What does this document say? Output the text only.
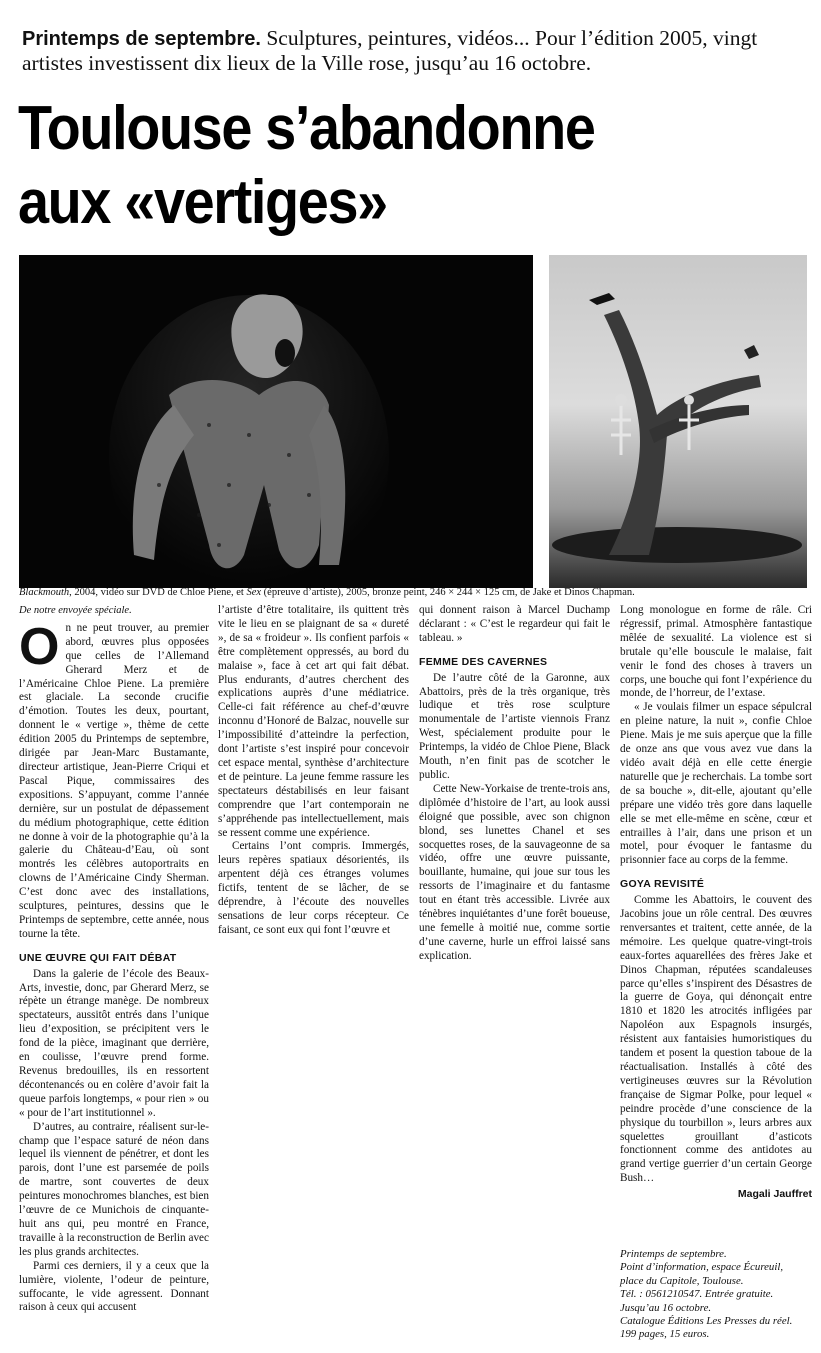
Printemps de septembre. Sculptures, peintures, vidéos... Pour l’édition 2005, vingt artistes investissent dix lieux de la Ville rose, jusqu’au 16 octobre.
Toulouse s’abandonne
aux «vertiges»
Blackmouth, 2004, vidéo sur DVD de Chloe Piene, et Sex (épreuve d’artiste), 2005, bronze peint, 246 × 244 × 125 cm, de Jake et Dinos Chapman.
De notre envoyée spéciale.

On ne peut trouver, au premier abord, œuvres plus opposées que celles de l’Allemand Gherard Merz et de l’Américaine Chloe Piene. La première est glaciale. La seconde crucifie d’émotion. Toutes les deux, pourtant, donnent le « vertige », thème de cette édition 2005 du Printemps de septembre, dirigée par Jean-Marc Bustamante, directeur artistique, Jean-Pierre Criqui et Pascal Pique, commissaires des expositions. S’appuyant, comme l’année dernière, sur un postulat de dépassement du médium photographique, cette édition ne donne à voir de la photographie qu’à la galerie du Château-d’Eau, où sont montrés les célèbres autoportraits en clowns de l’Américaine Cindy Sherman. C’est donc avec des installations, sculptures, peintures, dessins que le Printemps de septembre, cette année, nous tourne la tête.

UNE ŒUVRE QUI FAIT DÉBAT

Dans la galerie de l’école des Beaux-Arts, investie, donc, par Gherard Merz, se répète un étrange manège. De nombreux spectateurs, aussitôt entrés dans l’unique lieu d’exposition, se précipitent vers le fond de la pièce, imaginant que derrière, en coulisse, l’œuvre prend forme. Revenus bredouilles, ils en ressortent décontenancés ou en colère d’avoir fait la queue parfois longtemps, « pour rien » ou « pour de l’art institutionnel ».

D’autres, au contraire, réalisent sur-le-champ que l’espace saturé de néon dans lequel ils viennent de pénétrer, et dont les parois, dont l’une est parsemée de poils de martre, sont couvertes de deux peintures monochromes blanches, est bien l’œuvre de ce Munichois de cinquante-huit ans qui, peu montré en France, travaille à la reconstruction de Berlin avec les plus grands architectes.

Parmi ces derniers, il y a ceux que la lumière, violente, l’odeur de peinture, suffocante, le vide agressent. Donnant raison à ceux qui accusent

l’artiste d’être totalitaire, ils quittent très vite le lieu en se plaignant de sa « dureté », de sa « froideur ». Ils confient parfois « être complètement oppressés, au bord du malaise », face à cet art qui fait débat. Plus endurants, d’autres cherchent des explications auprès d’une médiatrice. Celle-ci fait référence au chef-d’œuvre inconnu d’Honoré de Balzac, nouvelle sur l’impossibilité d’atteindre la perfection, dont l’artiste s’est inspiré pour concevoir cet espace mental, synthèse d’architecture et de peinture. La jeune femme rassure les spectateurs déstabilisés en leur faisant comprendre que l’art contemporain ne s’appréhende pas intellectuellement, mais se ressent comme une expérience.

Certains l’ont compris. Immergés, leurs repères spatiaux désorientés, ils arpentent déjà ces étranges volumes fictifs, tentent de se lâcher, de se déprendre, à l’écoute des nouvelles sensations de leur corps récepteur. Ce faisant, ce sont eux qui font l’œuvre et

qui donnent raison à Marcel Duchamp déclarant : « C’est le regardeur qui fait le tableau. »

FEMME DES CAVERNES

De l’autre côté de la Garonne, aux Abattoirs, près de la très organique, très ludique et très rose sculpture monumentale de l’artiste viennois Franz West, spécialement produite pour le Printemps, la vidéo de Chloe Piene, Black Mouth, n’en finit pas de scotcher le public.

Cette New-Yorkaise de trente-trois ans, diplômée d’histoire de l’art, au look aussi éloigné que possible, avec son chignon blond, ses lunettes Chanel et ses socquettes roses, de la sauvageonne de sa vidéo, offre une œuvre puissante, bouillante, humaine, qui joue sur tous les ressorts de l’imaginaire et du fantasme tout en étant très accessible. Livrée aux ténèbres inquiétantes d’une forêt boueuse, une femelle à moitié nue, comme sortie d’une caverne, hurle un effroi laissé sans explication.

Long monologue en forme de râle. Cri régressif, primal. Atmosphère fantastique mêlée de sexualité. La violence est si brutale qu’elle bouscule le malaise, fait venir le fond des choses à travers un corps, une bouche qui font l’expérience du monde, de l’horreur, de l’extase.

« Je voulais filmer un espace sépulcral en pleine nature, la nuit », confie Chloe Piene. Mais je me suis aperçue que la fille de onze ans que vous avez vue dans la vidéo avait déjà en elle cette énergie naturelle que je recherchais. La tombe sort de sa bouche », dit-elle, ajoutant qu’elle prépare une vidéo très gore dans laquelle elle se met elle-même en scène, cœur et entrailles à l’air, dans une prison et un motel, pour évoquer le fantasme du prisonnier face au corps de la femme.

GOYA REVISITÉ

Comme les Abattoirs, le couvent des Jacobins joue un rôle central. Des œuvres renversantes et traitent, cette année, de la mémoire. Les quelque quatre-vingt-trois eaux-fortes aquarellées des frères Jake et Dinos Chapman, réputées scandaleuses parce qu’elles s’inspirent des Désastres de la guerre de Goya, qui dénonçait entre 1810 et 1820 les atrocités infligées par Napoléon aux Espagnols insurgés, résistent aux fantaisies humoristiques du tandem et posent la question taboue de la réactualisation. Installés à côté des vertigineuses œuvres sur la Révolution française de Sigmar Polke, pour lequel « peindre procède d’une conscience de la physique du tourbillon », leurs arbres aux squelettes grouillant d’asticots fonctionnent comme des antidotes au grand vertige guerrier d’un certain George Bush…

Magali Jauffret
Printemps de septembre.
Point d’information, espace Écureuil,
place du Capitole, Toulouse.
Tél. : 0561210547. Entrée gratuite.
Jusqu’au 16 octobre.
Catalogue Éditions Les Presses du réel.
199 pages, 15 euros.
